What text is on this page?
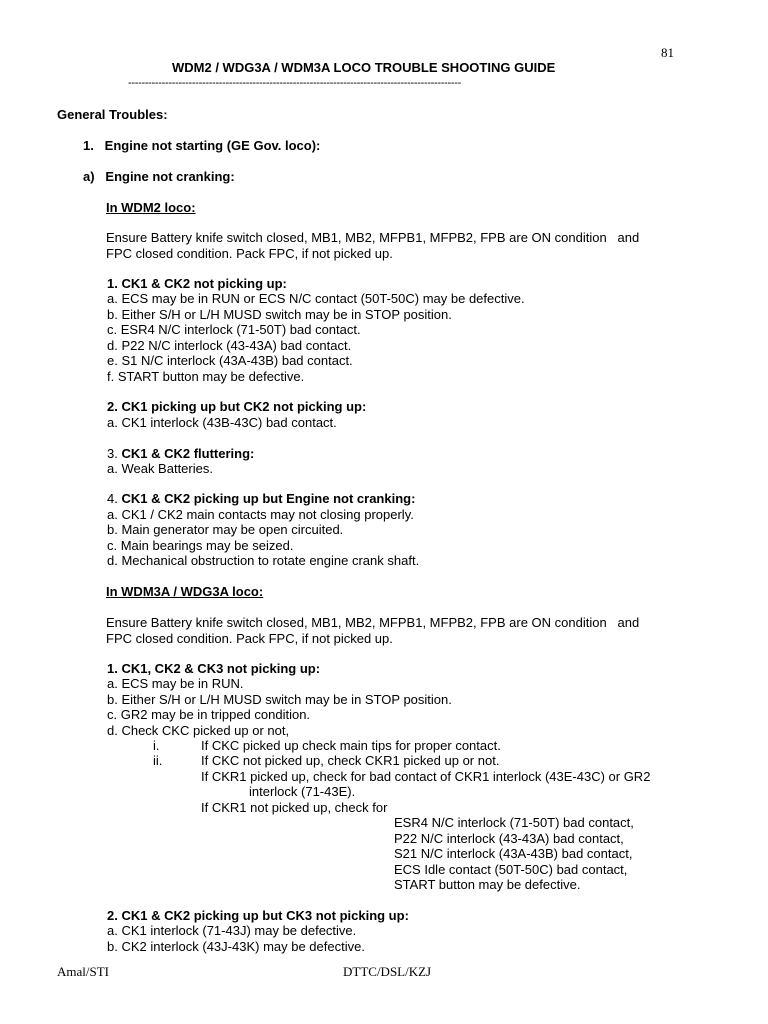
81
WDM2 / WDG3A / WDM3A LOCO TROUBLE SHOOTING GUIDE
---------------------------------------------------------------------------------------------------
General Troubles:
1.   Engine not starting (GE Gov. loco):
a)   Engine not cranking:
In WDM2 loco:
Ensure Battery knife switch closed, MB1, MB2, MFPB1, MFPB2, FPB are ON condition   and
FPC closed condition. Pack FPC, if not picked up.
1. CK1 & CK2 not picking up:
a. ECS may be in RUN or ECS N/C contact (50T-50C) may be defective.
b. Either S/H or L/H MUSD switch may be in STOP position.
c. ESR4 N/C interlock (71-50T) bad contact.
d. P22 N/C interlock (43-43A) bad contact.
e. S1 N/C interlock (43A-43B) bad contact.
f. START button may be defective.
2. CK1 picking up but CK2 not picking up:
a. CK1 interlock (43B-43C) bad contact.
3. CK1 & CK2 fluttering:
a. Weak Batteries.
4. CK1 & CK2 picking up but Engine not cranking:
a. CK1 / CK2 main contacts may not closing properly.
b. Main generator may be open circuited.
c. Main bearings may be seized.
d. Mechanical obstruction to rotate engine crank shaft.
In WDM3A / WDG3A loco:
Ensure Battery knife switch closed, MB1, MB2, MFPB1, MFPB2, FPB are ON condition   and
FPC closed condition. Pack FPC, if not picked up.
1. CK1, CK2 & CK3 not picking up:
a. ECS may be in RUN.
b. Either S/H or L/H MUSD switch may be in STOP position.
c. GR2 may be in tripped condition.
d. Check CKC picked up or not,
i.	If CKC picked up check main tips for proper contact.
ii.	If CKC not picked up, check CKR1 picked up or not.
If CKR1 picked up, check for bad contact of CKR1 interlock (43E-43C) or GR2
interlock (71-43E).
If CKR1 not picked up, check for
ESR4 N/C interlock (71-50T) bad contact,
P22 N/C interlock (43-43A) bad contact,
S21 N/C interlock (43A-43B) bad contact,
ECS Idle contact (50T-50C) bad contact,
START button may be defective.
2. CK1 & CK2 picking up but CK3 not picking up:
a. CK1 interlock (71-43J) may be defective.
b. CK2 interlock (43J-43K) may be defective.
Amal/STI	DTTC/DSL/KZJ
